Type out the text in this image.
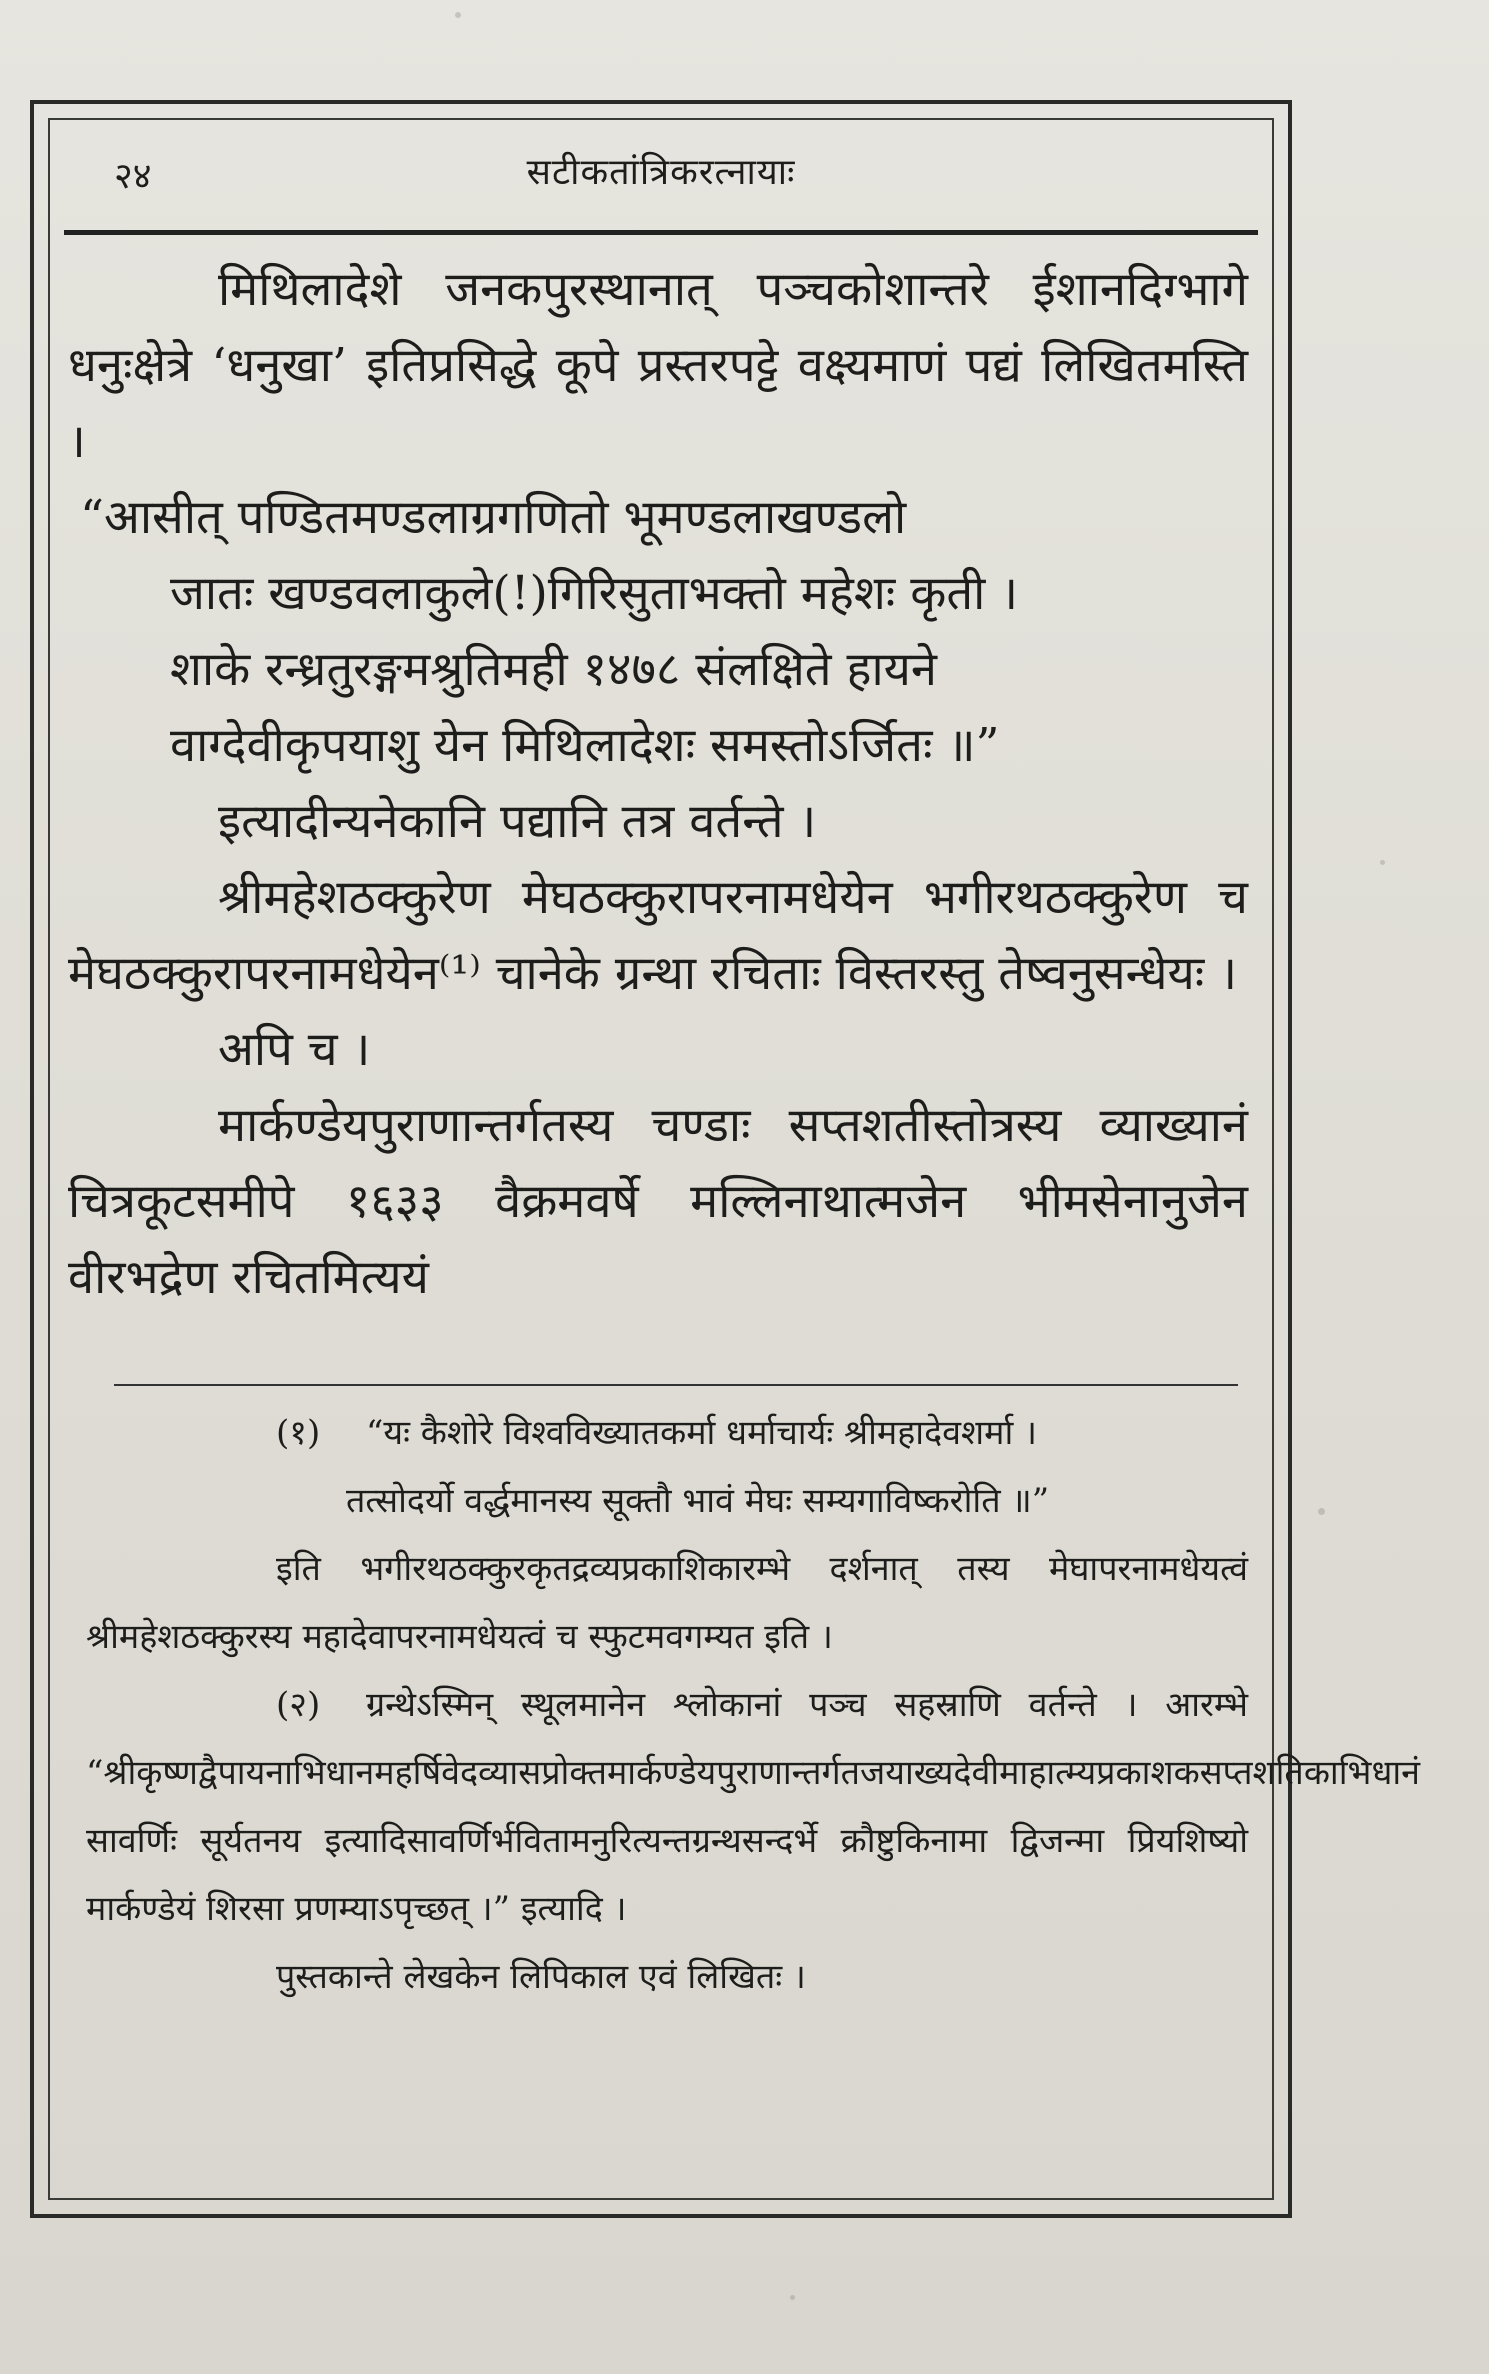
२४	सटीकतांत्रिकरत्नायाः

मिथिलादेशे जनकपुरस्थानात् पञ्चकोशान्तरे ईशानदिग्भागे धनुःक्षेत्रे ‘धनुखा’ इतिप्रसिद्धे कूपे प्रस्तरपट्टे वक्ष्यमाणं पद्यं लिखितमस्ति ।

“आसीत् पण्डितमण्डलाग्रगणितो भूमण्डलाखण्डलो
जातः खण्डवलाकुले(!)गिरिसुताभक्तो महेशः कृती ।
शाके रन्ध्रतुरङ्गमश्रुतिमही १४७८ संलक्षिते हायने
वाग्देवीकृपयाशु येन मिथिलादेशः समस्तोऽर्जितः ॥”

इत्यादीन्यनेकानि पद्यानि तत्र वर्तन्ते ।

श्रीमहेशठक्कुरेण मेघठक्कुरापरनामधेयेन भगीरथठक्कुरेण च मेघठक्कुरापरनामधेयेन⁽¹⁾ चानेके ग्रन्था रचिताः विस्तरस्तु तेष्वनुसन्धेयः ।

अपि च ।

मार्कण्डेयपुराणान्तर्गतस्य चण्डाः सप्तशतीस्तोत्रस्य व्याख्यानं चित्रकूटसमीपे १६३३ वैक्रमवर्षे मल्लिनाथात्मजेन भीमसेनानुजेन वीरभद्रेण रचितमित्ययं

(१) “यः कैशोरे विश्वविख्यातकर्मा धर्माचार्यः श्रीमहादेवशर्मा ।

तत्सोदर्यो वर्द्धमानस्य सूक्तौ भावं मेघः सम्यगाविष्करोति ॥”

इति भगीरथठक्कुरकृतद्रव्यप्रकाशिकारम्भे दर्शनात् तस्य मेघापरनामधेयत्वं श्रीमहेशठक्कुरस्य महादेवापरनामधेयत्वं च स्फुटमवगम्यत इति ।

(२) ग्रन्थेऽस्मिन् स्थूलमानेन श्लोकानां पञ्च सहस्राणि वर्तन्ते । आरम्भे “श्रीकृष्णद्वैपायनाभिधानमहर्षिवेदव्यासप्रोक्तमार्कण्डेयपुराणान्तर्गतजयाख्यदेवीमाहात्म्यप्रकाशकसप्तशतिकाभिधानं सावर्णिः सूर्यतनय इत्यादिसावर्णिर्भवितामनुरित्यन्तग्रन्थसन्दर्भे क्रौष्टुकिनामा द्विजन्मा प्रियशिष्यो मार्कण्डेयं शिरसा प्रणम्याऽपृच्छत् ।” इत्यादि ।

पुस्तकान्ते लेखकेन लिपिकाल एवं लिखितः ।
